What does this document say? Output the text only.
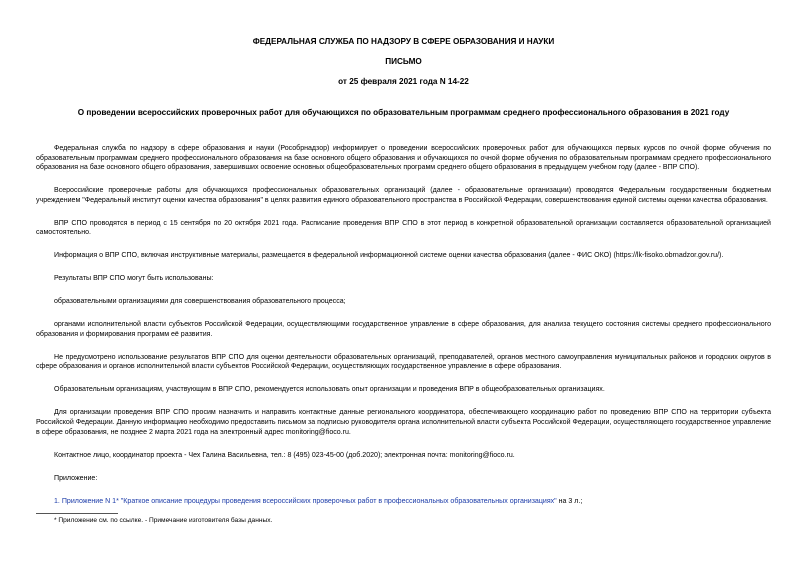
ФЕДЕРАЛЬНАЯ СЛУЖБА ПО НАДЗОРУ В СФЕРЕ ОБРАЗОВАНИЯ И НАУКИ
ПИСЬМО
от 25 февраля 2021 года N 14-22
О проведении всероссийских проверочных работ для обучающихся по образовательным программам среднего профессионального образования в 2021 году

Федеральная служба по надзору в сфере образования и науки (Рособрнадзор) информирует о проведении всероссийских проверочных работ для обучающихся первых курсов по очной форме обучения по образовательным программам среднего профессионального образования на базе основного общего образования и обучающихся по очной форме обучения по образовательным программам среднего профессионального образования на базе основного общего образования, завершивших освоение основных общеобразовательных программ среднего общего образования в предыдущем учебном году (далее - ВПР СПО).

Всероссийские проверочные работы для обучающихся профессиональных образовательных организаций (далее - образовательные организации) проводятся Федеральным государственным бюджетным учреждением "Федеральный институт оценки качества образования" в целях развития единого образовательного пространства в Российской Федерации, совершенствования единой системы оценки качества образования.

ВПР СПО проводятся в период с 15 сентября по 20 октября 2021 года. Расписание проведения ВПР СПО в этот период в конкретной образовательной организации составляется образовательной организацией самостоятельно.

Информация о ВПР СПО, включая инструктивные материалы, размещается в федеральной информационной системе оценки качества образования (далее - ФИС ОКО) (https://lk-fisoko.obrnadzor.gov.ru/).

Результаты ВПР СПО могут быть использованы:

образовательными организациями для совершенствования образовательного процесса;

органами исполнительной власти субъектов Российской Федерации, осуществляющими государственное управление в сфере образования, для анализа текущего состояния системы среднего профессионального образования и формирования программ её развития.

Не предусмотрено использование результатов ВПР СПО для оценки деятельности образовательных организаций, преподавателей, органов местного самоуправления муниципальных районов и городских округов в сфере образования и органов исполнительной власти субъектов Российской Федерации, осуществляющих государственное управление в сфере образования.

Образовательным организациям, участвующим в ВПР СПО, рекомендуется использовать опыт организации и проведения ВПР в общеобразовательных организациях.

Для организации проведения ВПР СПО просим назначить и направить контактные данные регионального координатора, обеспечивающего координацию работ по проведению ВПР СПО на территории субъекта Российской Федерации. Данную информацию необходимо предоставить письмом за подписью руководителя органа исполнительной власти субъекта Российской Федерации, осуществляющего государственное управление в сфере образования, не позднее 2 марта 2021 года на электронный адрес monitoring@fioco.ru.

Контактное лицо, координатор проекта - Чех Галина Васильевна, тел.: 8 (495) 023-45-00 (доб.2020); электронная почта: monitoring@fioco.ru.

Приложение:

1. Приложение N 1* "Краткое описание процедуры проведения всероссийских проверочных работ в профессиональных образовательных организациях" на 3 л.;

* Приложение см. по ссылке. - Примечание изготовителя базы данных.
